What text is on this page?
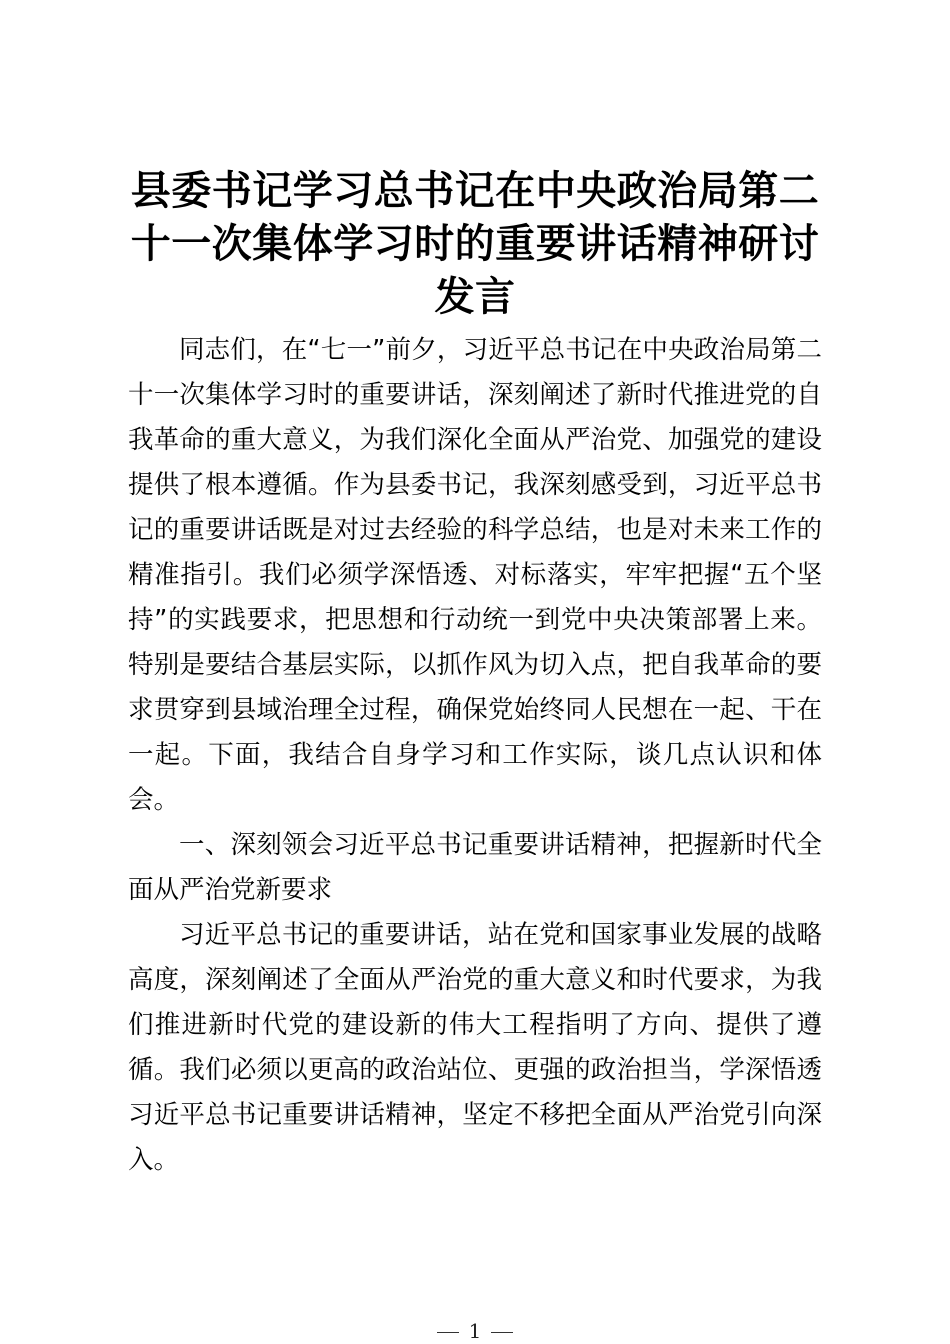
县委书记学习总书记在中央政治局第二十一次集体学习时的重要讲话精神研讨发言

同志们，在“七一”前夕，习近平总书记在中央政治局第二十一次集体学习时的重要讲话，深刻阐述了新时代推进党的自我革命的重大意义，为我们深化全面从严治党、加强党的建设提供了根本遵循。作为县委书记，我深刻感受到，习近平总书记的重要讲话既是对过去经验的科学总结，也是对未来工作的精准指引。我们必须学深悟透、对标落实，牢牢把握“五个坚持”的实践要求，把思想和行动统一到党中央决策部署上来。特别是要结合基层实际，以抓作风为切入点，把自我革命的要求贯穿到县域治理全过程，确保党始终同人民想在一起、干在一起。下面，我结合自身学习和工作实际，谈几点认识和体会。

一、深刻领会习近平总书记重要讲话精神，把握新时代全面从严治党新要求

习近平总书记的重要讲话，站在党和国家事业发展的战略高度，深刻阐述了全面从严治党的重大意义和时代要求，为我们推进新时代党的建设新的伟大工程指明了方向、提供了遵循。我们必须以更高的政治站位、更强的政治担当，学深悟透习近平总书记重要讲话精神，坚定不移把全面从严治党引向深入。

1
